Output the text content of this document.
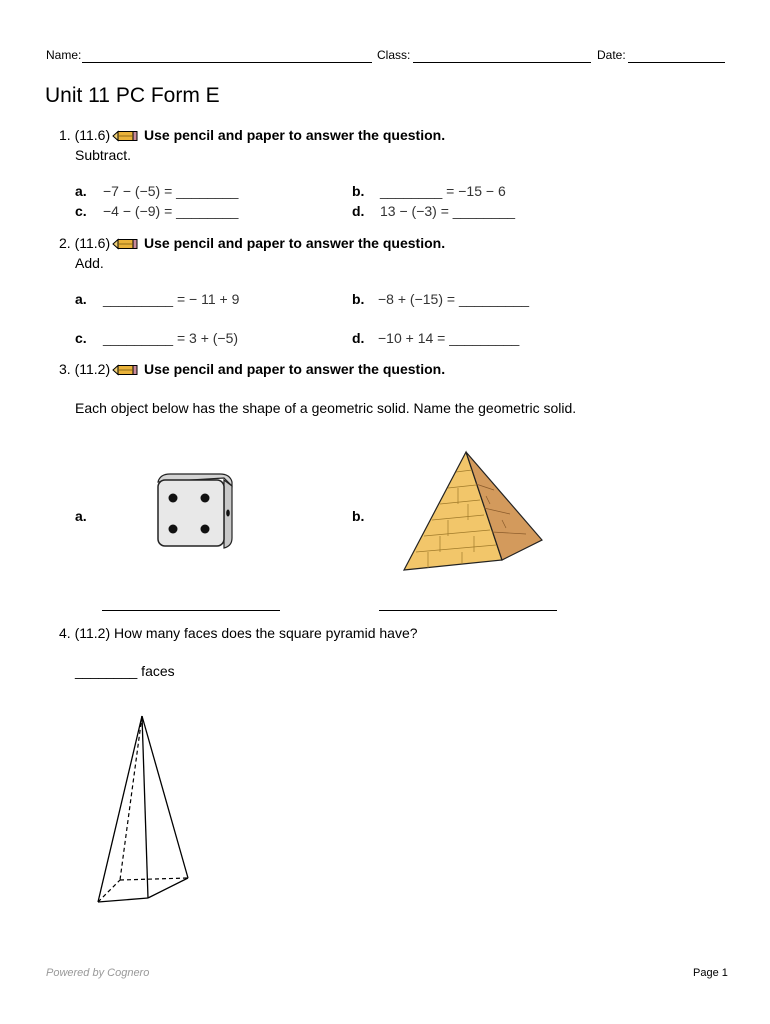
Name:	Class:	Date:
Unit 11 PC Form E
1. (11.6) Use pencil and paper to answer the question.
Subtract.
a. −7 − (−5) = ________	b. ________ = −15 − 6
c. −4 − (−9) = ________	d. 13 − (−3) = ________
2. (11.6) Use pencil and paper to answer the question.
Add.
a. _________ = − 11 + 9	b. −8 + (−15) = _________
c. _________ = 3 + (−5)	d. −10 + 14 = _________
3. (11.2) Use pencil and paper to answer the question.
Each object below has the shape of a geometric solid. Name the geometric solid.
a.	b.
4. (11.2) How many faces does the square pyramid have?
________ faces
Powered by Cognero	Page 1
